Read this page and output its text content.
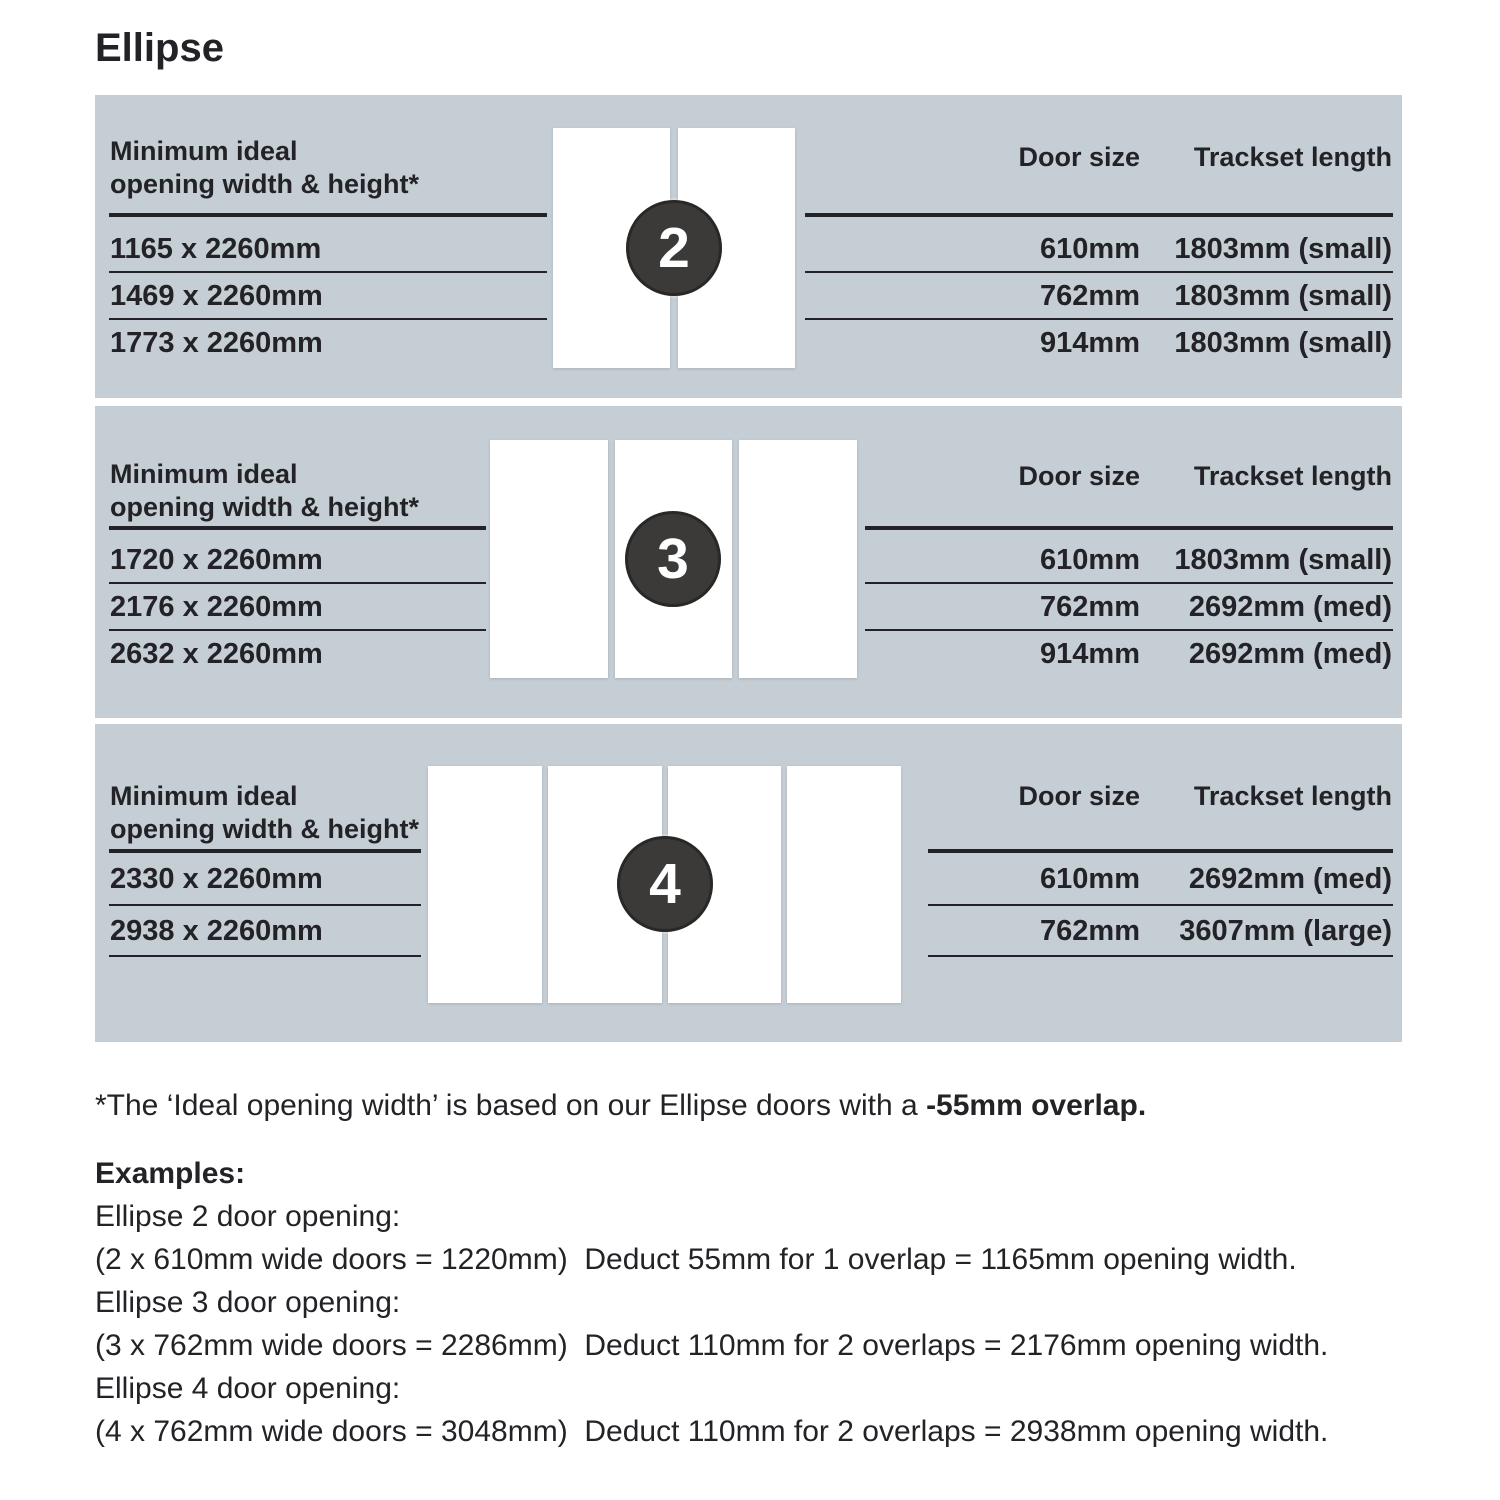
Ellipse
Minimum ideal
opening width & height*
Door size Trackset length
1165 x 2260mm	610mm 1803mm (small)
1469 x 2260mm	762mm 1803mm (small)
1773 x 2260mm	914mm 1803mm (small)
2
Minimum ideal
opening width & height*
Door size Trackset length
1720 x 2260mm	610mm 1803mm (small)
2176 x 2260mm	762mm 2692mm (med)
2632 x 2260mm	914mm 2692mm (med)
3
Minimum ideal
opening width & height*
Door size Trackset length
2330 x 2260mm	610mm 2692mm (med)
2938 x 2260mm	762mm 3607mm (large)
4
*The ‘Ideal opening width’ is based on our Ellipse doors with a -55mm overlap.
Examples:
Ellipse 2 door opening:
(2 x 610mm wide doors = 1220mm)  Deduct 55mm for 1 overlap = 1165mm opening width.
Ellipse 3 door opening:
(3 x 762mm wide doors = 2286mm)  Deduct 110mm for 2 overlaps = 2176mm opening width.
Ellipse 4 door opening:
(4 x 762mm wide doors = 3048mm)  Deduct 110mm for 2 overlaps = 2938mm opening width.
